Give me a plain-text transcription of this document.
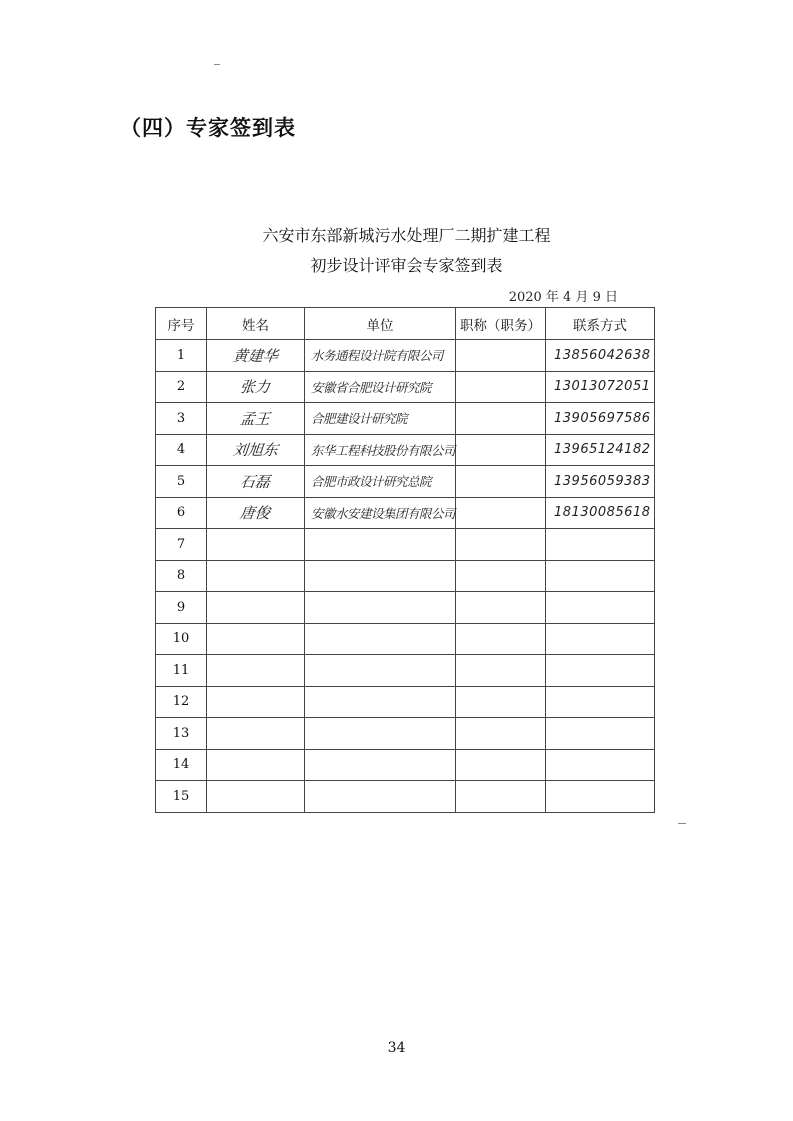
（四）专家签到表
六安市东部新城污水处理厂二期扩建工程
初步设计评审会专家签到表
2020 年 4 月 9 日
序号	姓名	单位	职称（职务）	联系方式
1	黄建华	水务通程设计院有限公司		13856042638

2	张力	安徽省合肥设计研究院		13013072051

3	孟王	合肥建设计研究院		13905697586

4	刘旭东	东华工程科技股份有限公司		13965124182

5	石磊	合肥市政设计研究总院		13956059383

6	唐俊	安徽水安建设集团有限公司		18130085618

7		

8		

9		

10		

11		

12		

13		

14		

15		

34
